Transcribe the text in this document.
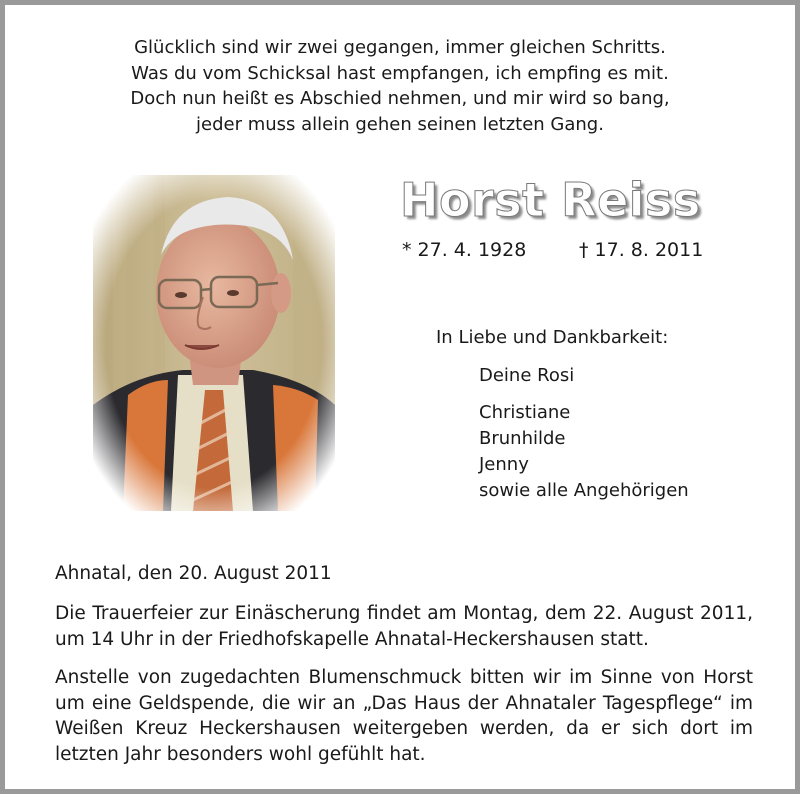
Glücklich sind wir zwei gegangen, immer gleichen Schritts.
Was du vom Schicksal hast empfangen, ich empfing es mit.
Doch nun heißt es Abschied nehmen, und mir wird so bang,
jeder muss allein gehen seinen letzten Gang.
Horst Reiss
* 27. 4. 1928	† 17. 8. 2011
In Liebe und Dankbarkeit:
Deine Rosi
Christiane
Brunhilde
Jenny
sowie alle Angehörigen
Ahnatal, den 20. August 2011
Die Trauerfeier zur Einäscherung findet am Montag, dem 22. August 2011, um 14 Uhr in der Friedhofskapelle Ahnatal-Heckershausen statt.
Anstelle von zugedachten Blumenschmuck bitten wir im Sinne von Horst um eine Geldspende, die wir an „Das Haus der Ahnataler Tagespflege“ im Weißen Kreuz Heckershausen weitergeben werden, da er sich dort im letzten Jahr besonders wohl gefühlt hat.
